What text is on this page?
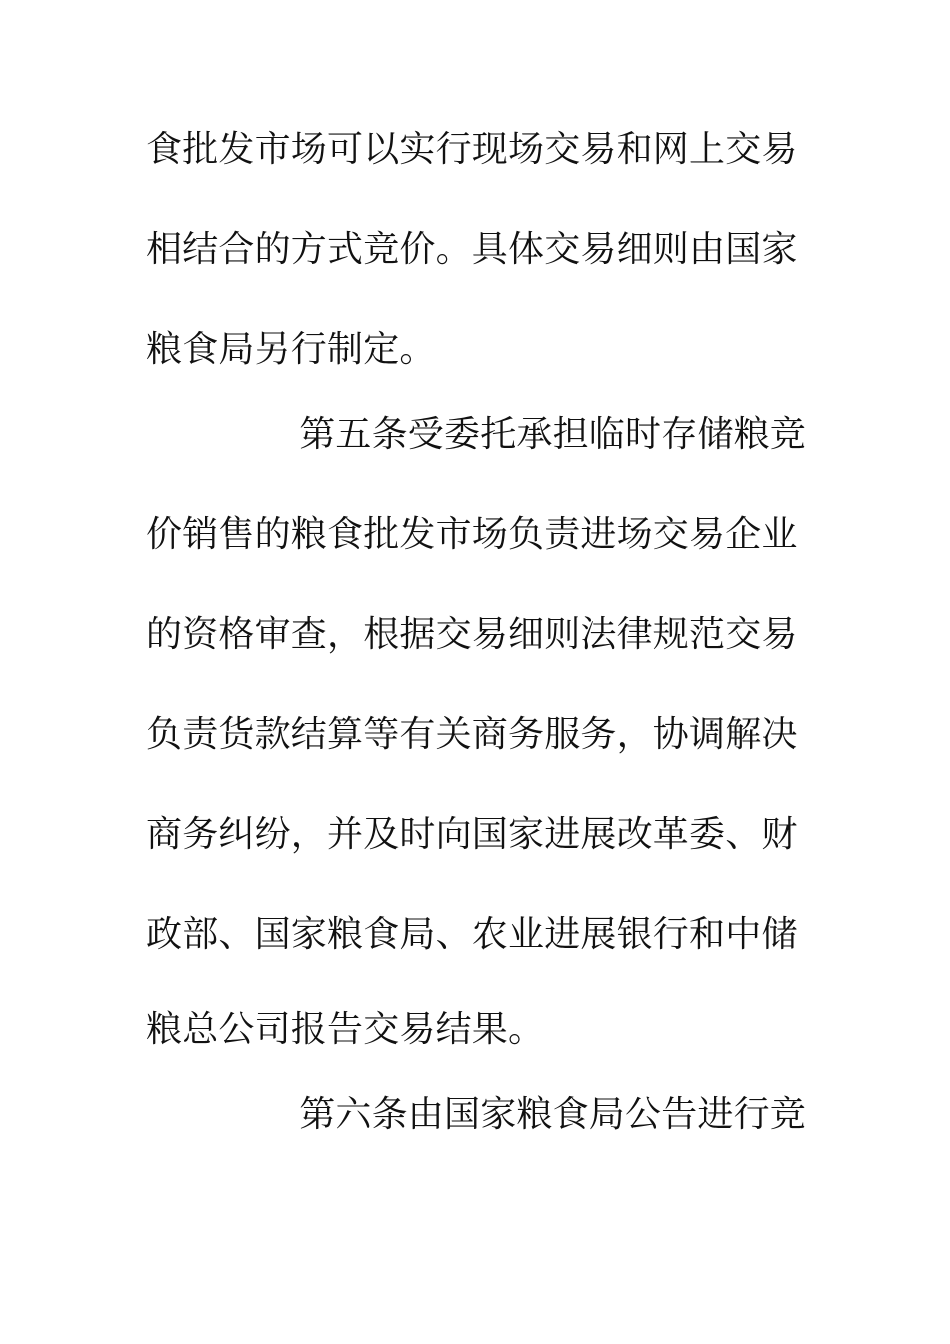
食批发市场可以实行现场交易和网上交易
相结合的方式竞价。具体交易细则由国家
粮食局另行制定。
第五条受委托承担临时存储粮竞
价销售的粮食批发市场负责进场交易企业
的资格审查，根据交易细则法律规范交易
负责货款结算等有关商务服务，协调解决
商务纠纷，并及时向国家进展改革委、财
政部、国家粮食局、农业进展银行和中储
粮总公司报告交易结果。
第六条由国家粮食局公告进行竞
